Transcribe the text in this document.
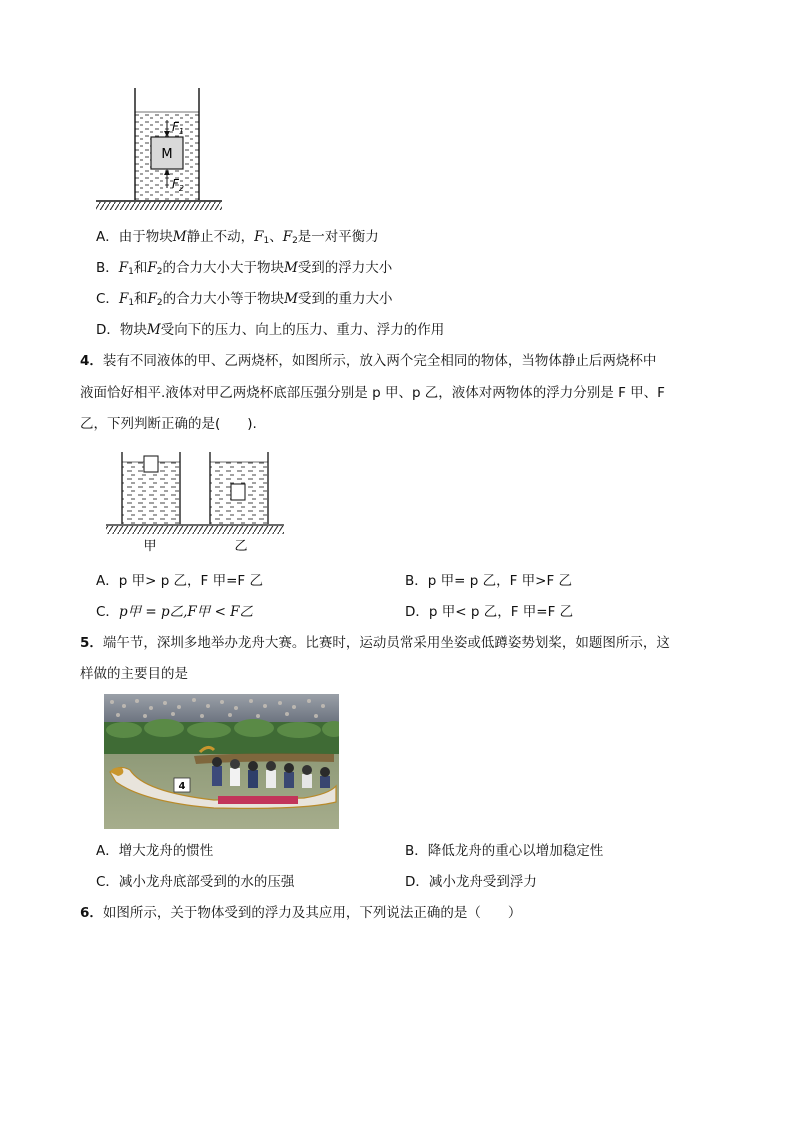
M
$F_1$
$F_2$
A．由于物块M静止不动，$F_1$、$F_2$是一对平衡力
B．$F_1$和$F_2$的合力大小大于物块M受到的浮力大小
C．$F_1$和$F_2$的合力大小等于物块M受到的重力大小
D．物块M受向下的压力、向上的压力、重力、浮力的作用
4．装有不同液体的甲、乙两烧杯，如图所示，放入两个完全相同的物体，当物体静止后两烧杯中
液面恰好相平.液体对甲乙两烧杯底部压强分别是 p 甲、p 乙，液体对两物体的浮力分别是 F 甲、F
乙，下列判断正确的是(　　).
甲	乙
A．p 甲> p 乙，F 甲=F 乙	B．p 甲= p 乙，F 甲>F 乙
C．p甲 = p乙,F甲 < F乙	D．p 甲< p 乙，F 甲=F 乙
5．端午节，深圳多地举办龙舟大赛。比赛时，运动员常采用坐姿或低蹲姿势划桨，如题图所示，这
样做的主要目的是
4
A．增大龙舟的惯性	B．降低龙舟的重心以增加稳定性
C．减小龙舟底部受到的水的压强	D．减小龙舟受到浮力
6．如图所示，关于物体受到的浮力及其应用，下列说法正确的是（　　）
